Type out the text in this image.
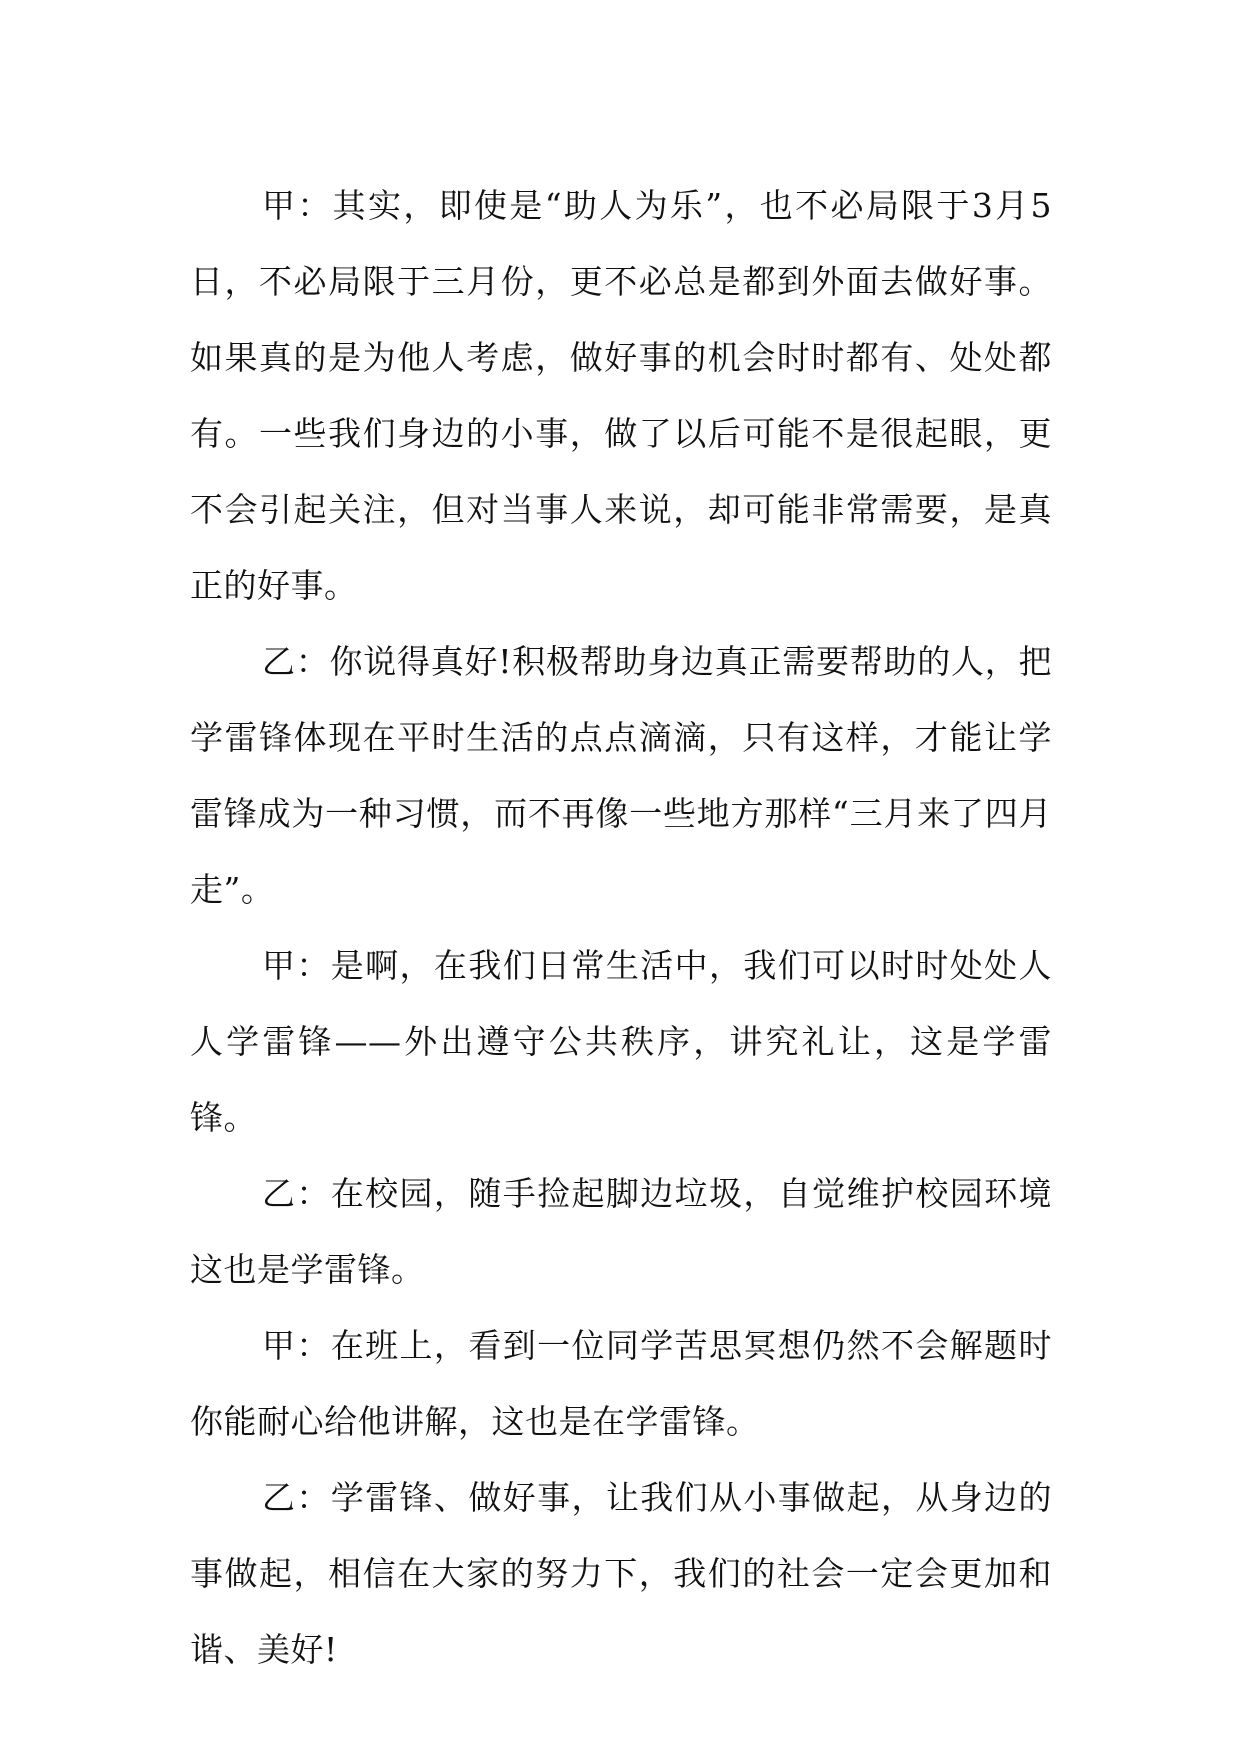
甲：其实，即使是“助人为乐”，也不必局限于3月5日，不必局限于三月份，更不必总是都到外面去做好事。如果真的是为他人考虑，做好事的机会时时都有、处处都有。一些我们身边的小事，做了以后可能不是很起眼，更不会引起关注，但对当事人来说，却可能非常需要，是真正的好事。

乙：你说得真好!积极帮助身边真正需要帮助的人，把学雷锋体现在平时生活的点点滴滴，只有这样，才能让学雷锋成为一种习惯，而不再像一些地方那样“三月来了四月走”。

甲：是啊，在我们日常生活中，我们可以时时处处人人学雷锋——外出遵守公共秩序，讲究礼让，这是学雷锋。

乙：在校园，随手捡起脚边垃圾，自觉维护校园环境这也是学雷锋。

甲：在班上，看到一位同学苦思冥想仍然不会解题时你能耐心给他讲解，这也是在学雷锋。

乙：学雷锋、做好事，让我们从小事做起，从身边的事做起，相信在大家的努力下，我们的社会一定会更加和谐、美好!
